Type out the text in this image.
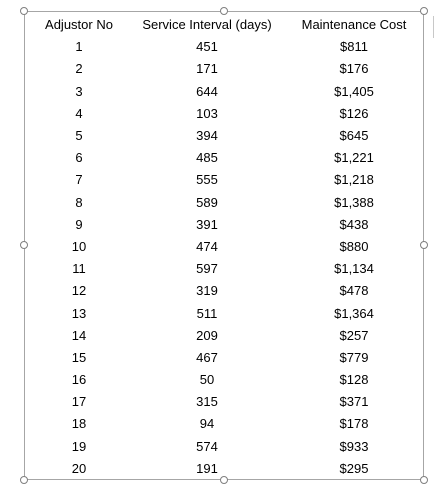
Adjustor No	Service Interval (days)	Maintenance Cost
1	451	$811
2	171	$176
3	644	$1,405
4	103	$126
5	394	$645
6	485	$1,221
7	555	$1,218
8	589	$1,388
9	391	$438
10	474	$880
11	597	$1,134
12	319	$478
13	511	$1,364
14	209	$257
15	467	$779
16	50	$128
17	315	$371
18	94	$178
19	574	$933
20	191	$295
